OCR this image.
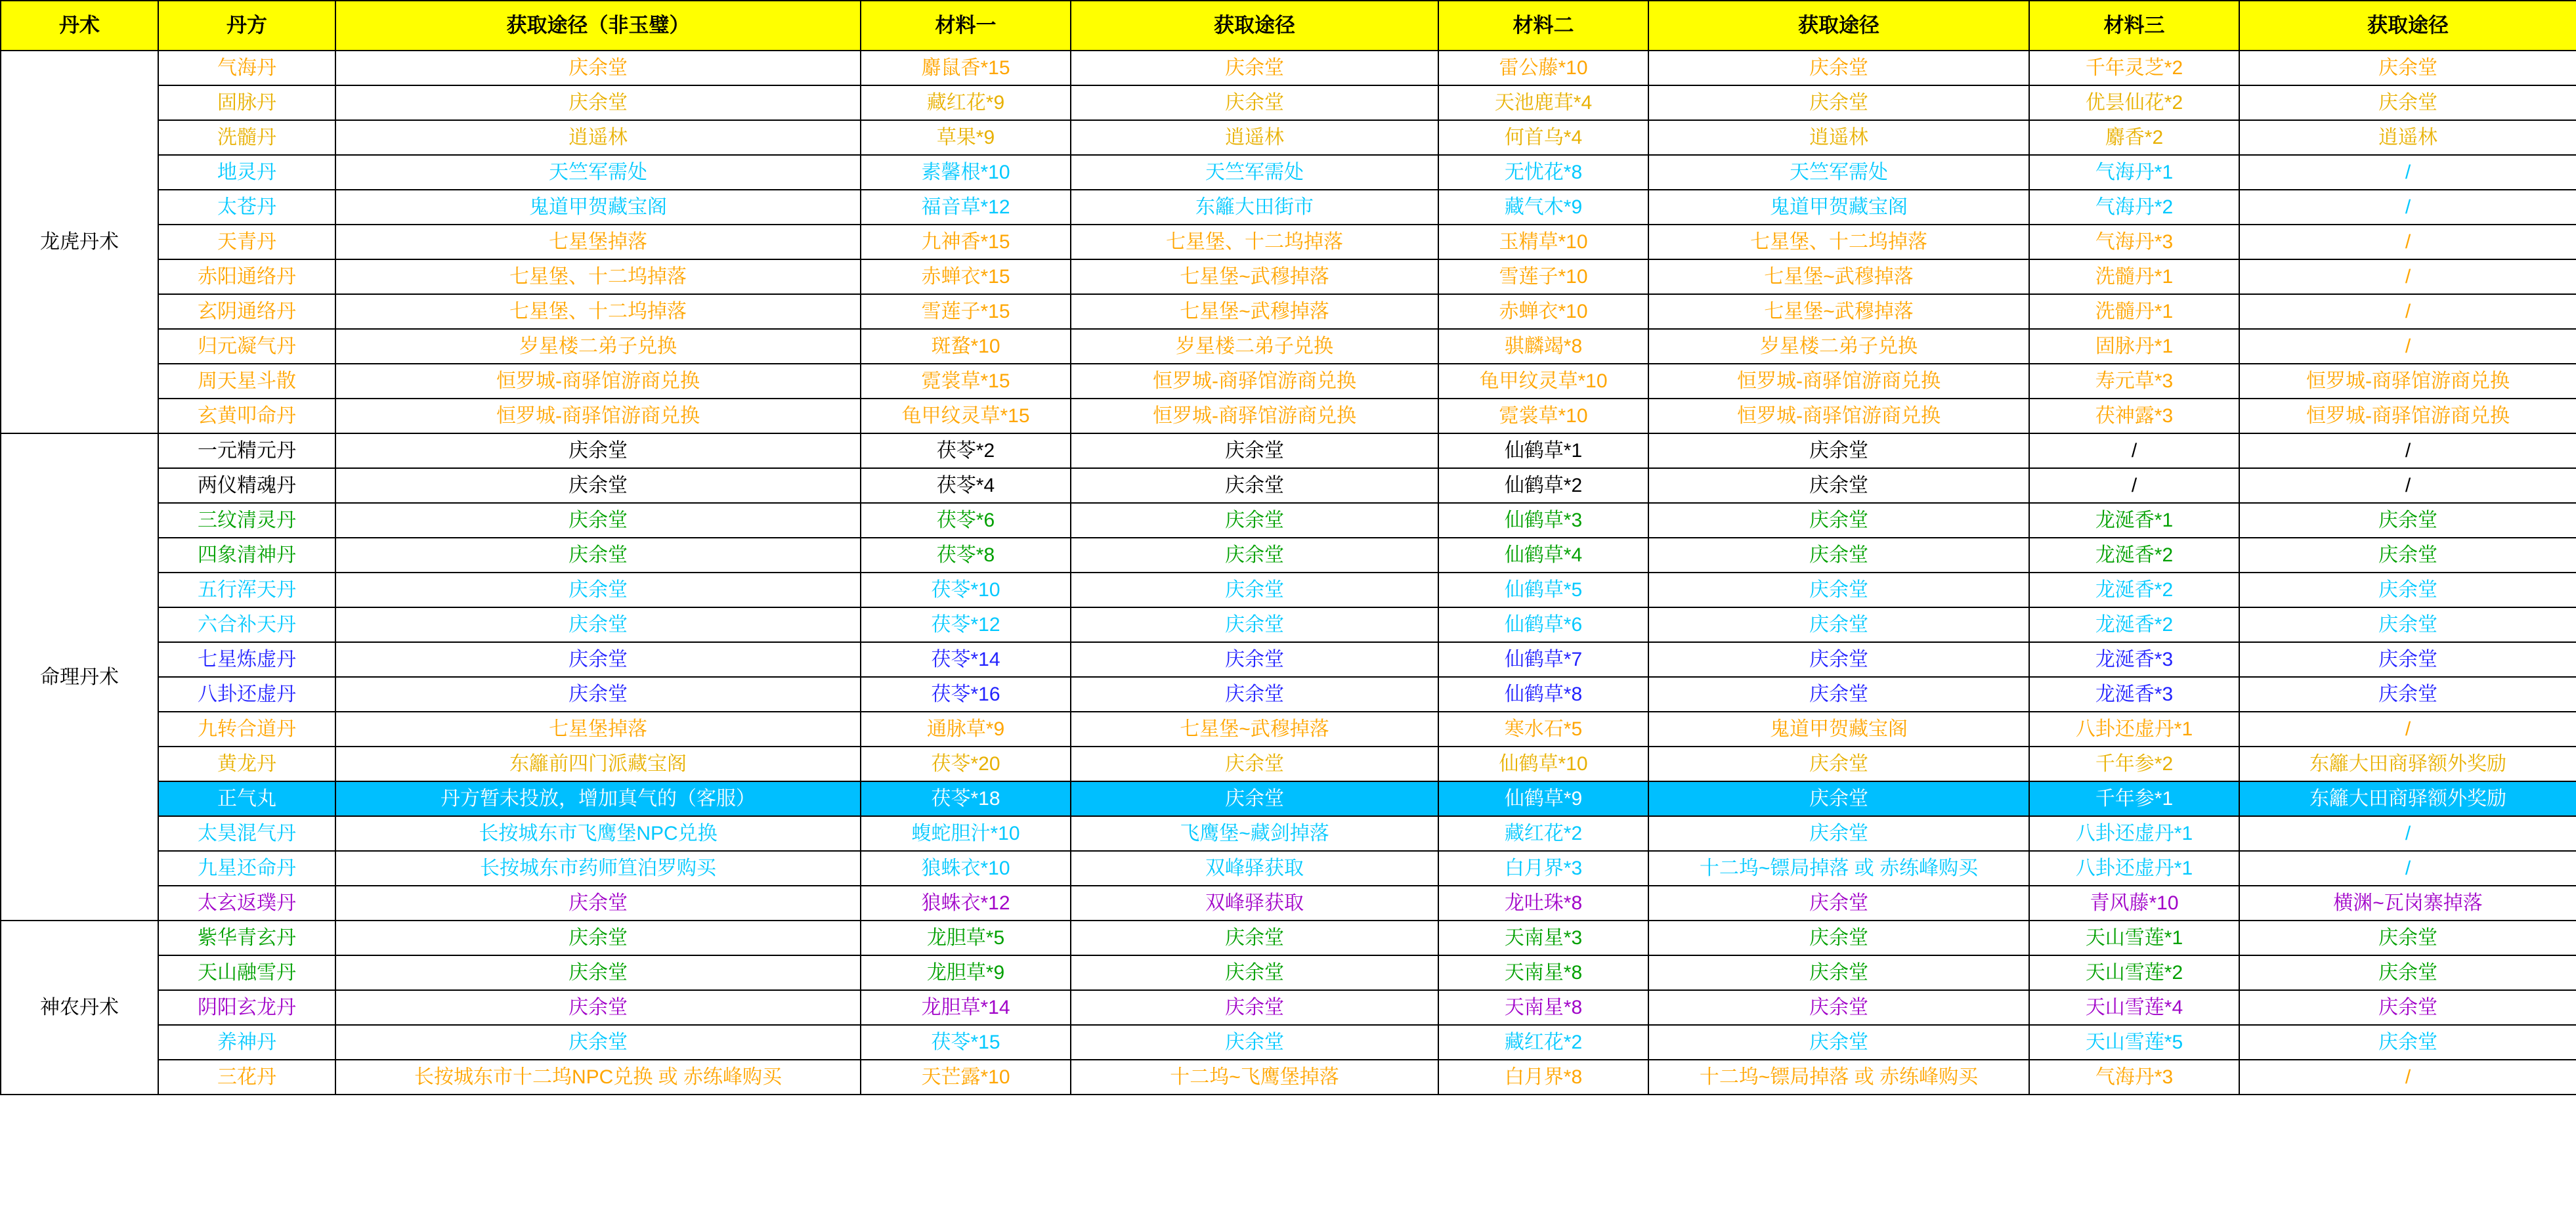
丹术	丹方	获取途径（非玉璧）	材料一	获取途径	材料二	获取途径	材料三	获取途径
龙虎丹术	气海丹	庆余堂	麝鼠香*15	庆余堂	雷公藤*10	庆余堂	千年灵芝*2	庆余堂
	固脉丹	庆余堂	藏红花*9	庆余堂	天池鹿茸*4	庆余堂	优昙仙花*2	庆余堂
	洗髓丹	逍遥林	草果*9	逍遥林	何首乌*4	逍遥林	麝香*2	逍遥林
	地灵丹	天竺军需处	素馨根*10	天竺军需处	无忧花*8	天竺军需处	气海丹*1	/
	太苍丹	鬼道甲贺藏宝阁	福音草*12	东籬大田街市	藏气木*9	鬼道甲贺藏宝阁	气海丹*2	/
	天青丹	七星堡掉落	九神香*15	七星堡、十二坞掉落	玉精草*10	七星堡、十二坞掉落	气海丹*3	/
	赤阳通络丹	七星堡、十二坞掉落	赤蝉衣*15	七星堡~武穆掉落	雪莲子*10	七星堡~武穆掉落	洗髓丹*1	/
	玄阴通络丹	七星堡、十二坞掉落	雪莲子*15	七星堡~武穆掉落	赤蝉衣*10	七星堡~武穆掉落	洗髓丹*1	/
	归元凝气丹	岁星楼二弟子兑换	斑蝥*10	岁星楼二弟子兑换	骐麟竭*8	岁星楼二弟子兑换	固脉丹*1	/
	周天星斗散	恒罗城-商驿馆游商兑换	霓裳草*15	恒罗城-商驿馆游商兑换	龟甲纹灵草*10	恒罗城-商驿馆游商兑换	寿元草*3	恒罗城-商驿馆游商兑换
	玄黄叩命丹	恒罗城-商驿馆游商兑换	龟甲纹灵草*15	恒罗城-商驿馆游商兑换	霓裳草*10	恒罗城-商驿馆游商兑换	茯神露*3	恒罗城-商驿馆游商兑换
命理丹术	一元精元丹	庆余堂	茯苓*2	庆余堂	仙鹤草*1	庆余堂	/	/
	两仪精魂丹	庆余堂	茯苓*4	庆余堂	仙鹤草*2	庆余堂	/	/
	三纹清灵丹	庆余堂	茯苓*6	庆余堂	仙鹤草*3	庆余堂	龙涎香*1	庆余堂
	四象清神丹	庆余堂	茯苓*8	庆余堂	仙鹤草*4	庆余堂	龙涎香*2	庆余堂
	五行浑天丹	庆余堂	茯苓*10	庆余堂	仙鹤草*5	庆余堂	龙涎香*2	庆余堂
	六合补天丹	庆余堂	茯苓*12	庆余堂	仙鹤草*6	庆余堂	龙涎香*2	庆余堂
	七星炼虚丹	庆余堂	茯苓*14	庆余堂	仙鹤草*7	庆余堂	龙涎香*3	庆余堂
	八卦还虚丹	庆余堂	茯苓*16	庆余堂	仙鹤草*8	庆余堂	龙涎香*3	庆余堂
	九转合道丹	七星堡掉落	通脉草*9	七星堡~武穆掉落	寒水石*5	鬼道甲贺藏宝阁	八卦还虚丹*1	/
	黄龙丹	东籬前四门派藏宝阁	茯苓*20	庆余堂	仙鹤草*10	庆余堂	千年参*2	东籬大田商驿额外奖励
	正气丸	丹方暂未投放，增加真气的（客服）	茯苓*18	庆余堂	仙鹤草*9	庆余堂	千年参*1	东籬大田商驿额外奖励
	太昊混气丹	长按城东市飞鹰堡NPC兑换	蝮蛇胆汁*10	飞鹰堡~藏剑掉落	藏红花*2	庆余堂	八卦还虚丹*1	/
	九星还命丹	长按城东市药师笪泊罗购买	狼蛛衣*10	双峰驿获取	白月界*3	十二坞~镖局掉落 或 赤练峰购买	八卦还虚丹*1	/
	太玄返璞丹	庆余堂	狼蛛衣*12	双峰驿获取	龙吐珠*8	庆余堂	青风藤*10	横渊~瓦岗寨掉落
神农丹术	紫华青玄丹	庆余堂	龙胆草*5	庆余堂	天南星*3	庆余堂	天山雪莲*1	庆余堂
	天山融雪丹	庆余堂	龙胆草*9	庆余堂	天南星*8	庆余堂	天山雪莲*2	庆余堂
	阴阳玄龙丹	庆余堂	龙胆草*14	庆余堂	天南星*8	庆余堂	天山雪莲*4	庆余堂
	养神丹	庆余堂	茯苓*15	庆余堂	藏红花*2	庆余堂	天山雪莲*5	庆余堂
	三花丹	长按城东市十二坞NPC兑换 或 赤练峰购买	天芒露*10	十二坞~飞鹰堡掉落	白月界*8	十二坞~镖局掉落 或 赤练峰购买	气海丹*3	/
